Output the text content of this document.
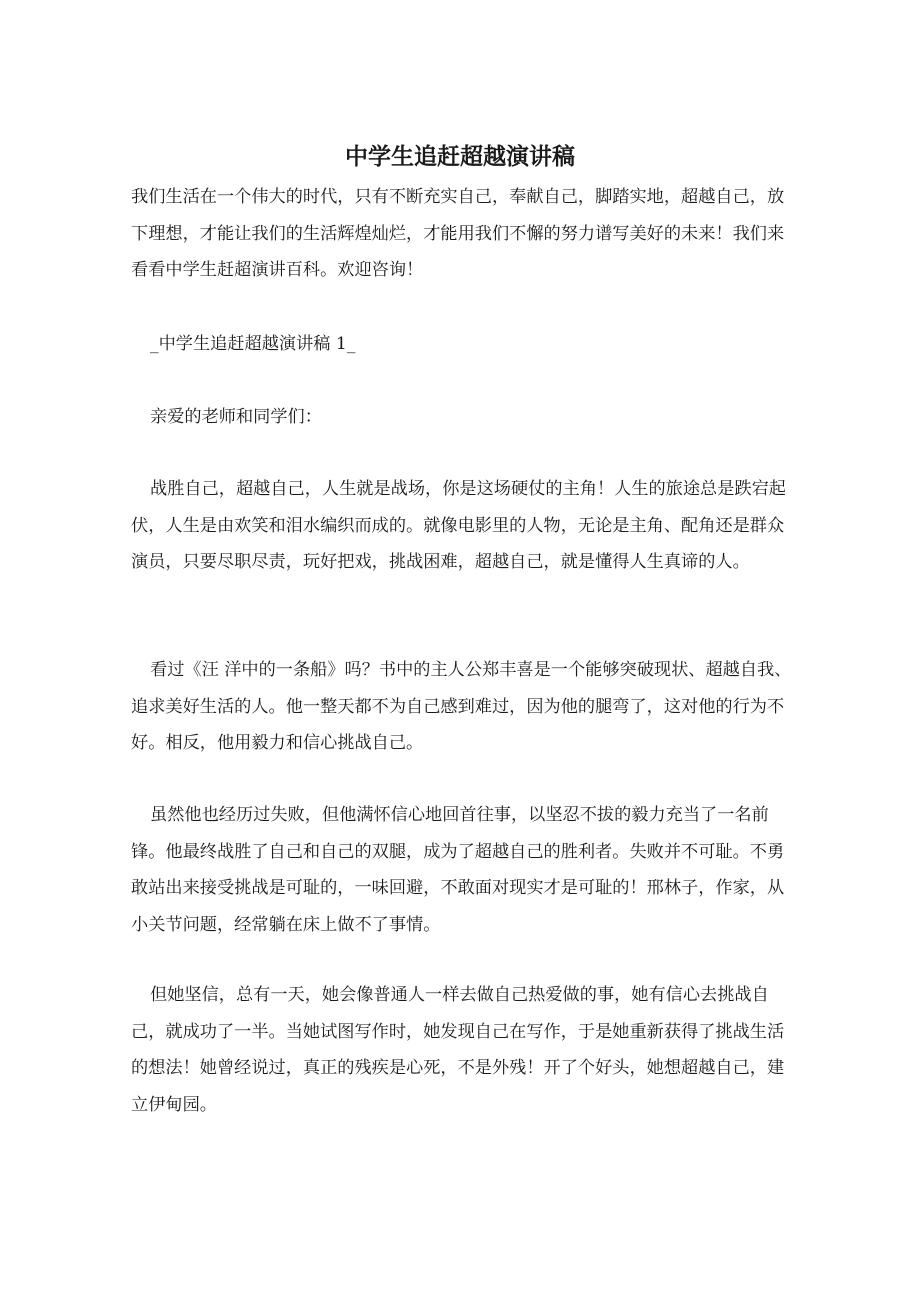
中学生追赶超越演讲稿

我们生活在一个伟大的时代，只有不断充实自己，奉献自己，脚踏实地，超越自己，放下理想，才能让我们的生活辉煌灿烂，才能用我们不懈的努力谱写美好的未来！我们来看看中学生赶超演讲百科。欢迎咨询！

_中学生追赶超越演讲稿 1_

亲爱的老师和同学们：

战胜自己，超越自己，人生就是战场，你是这场硬仗的主角！人生的旅途总是跌宕起伏，人生是由欢笑和泪水编织而成的。就像电影里的人物，无论是主角、配角还是群众演员，只要尽职尽责，玩好把戏，挑战困难，超越自己，就是懂得人生真谛的人。

看过《汪 洋中的一条船》吗？书中的主人公郑丰喜是一个能够突破现状、超越自我、追求美好生活的人。他一整天都不为自己感到难过，因为他的腿弯了，这对他的行为不好。相反，他用毅力和信心挑战自己。

虽然他也经历过失败，但他满怀信心地回首往事，以坚忍不拔的毅力充当了一名前锋。他最终战胜了自己和自己的双腿，成为了超越自己的胜利者。失败并不可耻。不勇敢站出来接受挑战是可耻的，一味回避，不敢面对现实才是可耻的！邢林子，作家，从小关节问题，经常躺在床上做不了事情。

但她坚信，总有一天，她会像普通人一样去做自己热爱做的事，她有信心去挑战自己，就成功了一半。当她试图写作时，她发现自己在写作，于是她重新获得了挑战生活的想法！她曾经说过，真正的残疾是心死，不是外残！开了个好头，她想超越自己，建立伊甸园。
